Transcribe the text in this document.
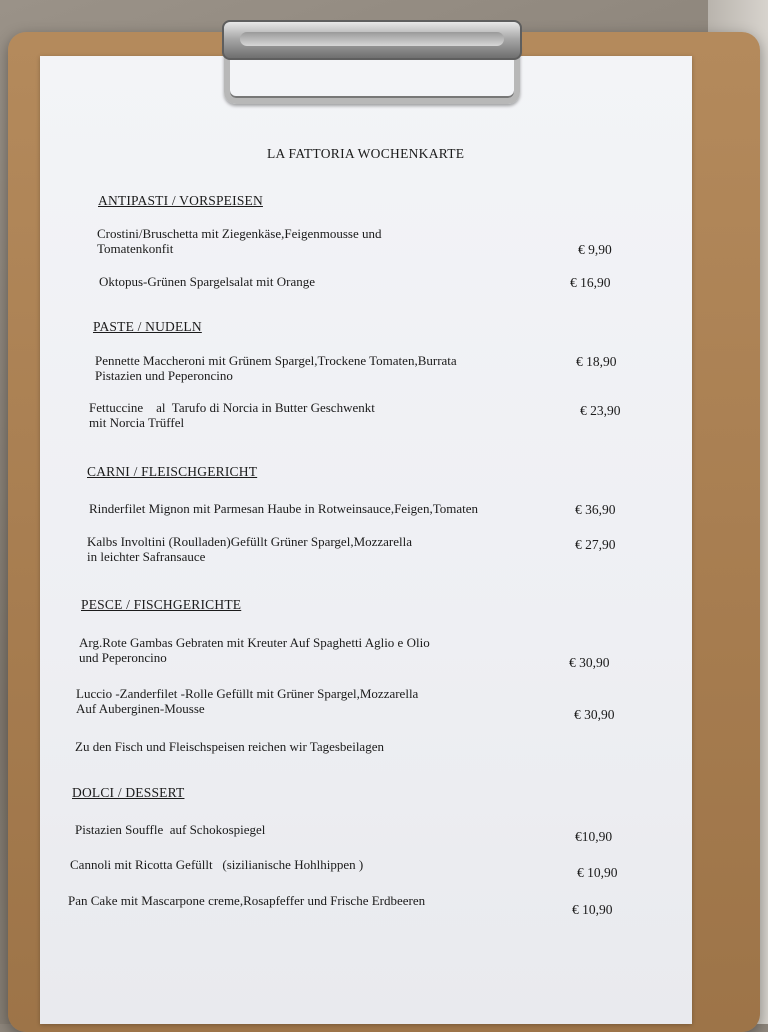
LA FATTORIA WOCHENKARTE
ANTIPASTI / VORSPEISEN
Crostini/Bruschetta mit Ziegenkäse,Feigenmousse und
Tomatenkonfit	€ 9,90
Oktopus-Grünen Spargelsalat mit Orange	€ 16,90
PASTE / NUDELN
Pennette Maccheroni mit Grünem Spargel,Trockene Tomaten,Burrata
Pistazien und Peperoncino
€ 18,90
Fettuccine    al  Tarufo di Norcia in Butter Geschwenkt
mit Norcia Trüffel
€ 23,90
CARNI / FLEISCHGERICHT
Rinderfilet Mignon mit Parmesan Haube in Rotweinsauce,Feigen,Tomaten	€ 36,90
Kalbs Involtini (Roulladen)Gefüllt Grüner Spargel,Mozzarella
in leichter Safransauce
€ 27,90
PESCE / FISCHGERICHTE
Arg.Rote Gambas Gebraten mit Kreuter Auf Spaghetti Aglio e Olio
und Peperoncino	€ 30,90
Luccio -Zanderfilet -Rolle Gefüllt mit Grüner Spargel,Mozzarella
Auf Auberginen-Mousse	€ 30,90
Zu den Fisch und Fleischspeisen reichen wir Tagesbeilagen
DOLCI / DESSERT
Pistazien Souffle  auf Schokospiegel	€10,90
Cannoli mit Ricotta Gefüllt   (sizilianische Hohlhippen )
€ 10,90
Pan Cake mit Mascarpone creme,Rosapfeffer und Frische Erdbeeren
€ 10,90
